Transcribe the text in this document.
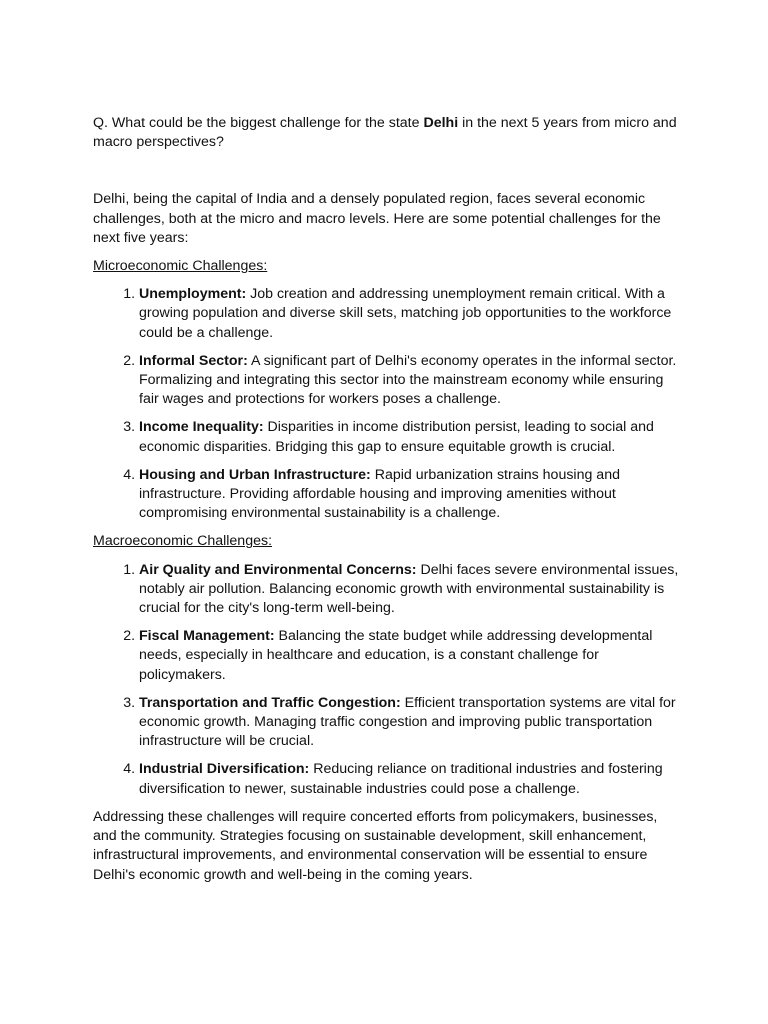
Q. What could be the biggest challenge for the state Delhi in the next 5 years from micro and macro perspectives?

Delhi, being the capital of India and a densely populated region, faces several economic challenges, both at the micro and macro levels. Here are some potential challenges for the next five years:

Microeconomic Challenges:

1. Unemployment: Job creation and addressing unemployment remain critical. With a growing population and diverse skill sets, matching job opportunities to the workforce could be a challenge.
2. Informal Sector: A significant part of Delhi's economy operates in the informal sector. Formalizing and integrating this sector into the mainstream economy while ensuring fair wages and protections for workers poses a challenge.
3. Income Inequality: Disparities in income distribution persist, leading to social and economic disparities. Bridging this gap to ensure equitable growth is crucial.
4. Housing and Urban Infrastructure: Rapid urbanization strains housing and infrastructure. Providing affordable housing and improving amenities without compromising environmental sustainability is a challenge.

Macroeconomic Challenges:

1. Air Quality and Environmental Concerns: Delhi faces severe environmental issues, notably air pollution. Balancing economic growth with environmental sustainability is crucial for the city's long-term well-being.
2. Fiscal Management: Balancing the state budget while addressing developmental needs, especially in healthcare and education, is a constant challenge for policymakers.
3. Transportation and Traffic Congestion: Efficient transportation systems are vital for economic growth. Managing traffic congestion and improving public transportation infrastructure will be crucial.
4. Industrial Diversification: Reducing reliance on traditional industries and fostering diversification to newer, sustainable industries could pose a challenge.

Addressing these challenges will require concerted efforts from policymakers, businesses, and the community. Strategies focusing on sustainable development, skill enhancement, infrastructural improvements, and environmental conservation will be essential to ensure Delhi's economic growth and well-being in the coming years.
